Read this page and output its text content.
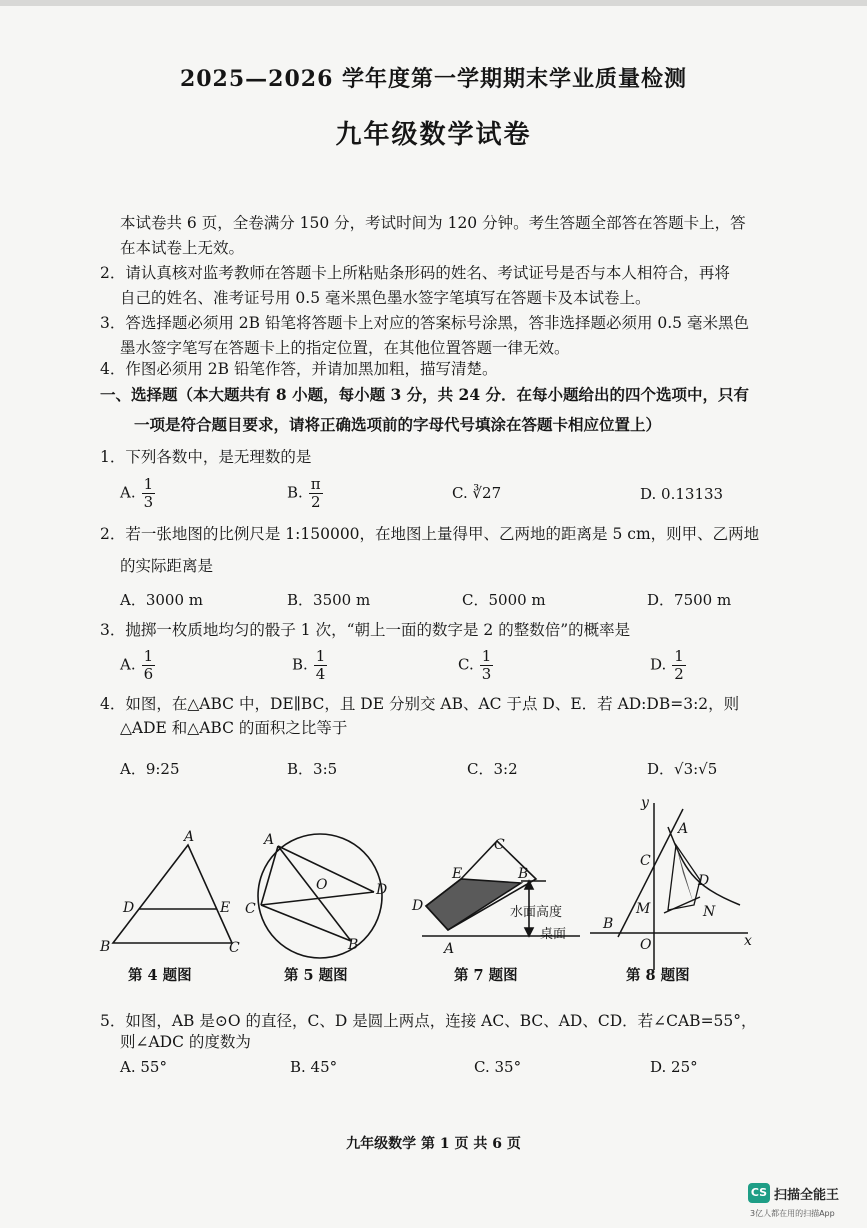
2025—2026 学年度第一学期期末学业质量检测
九年级数学试卷
本试卷共 6 页，全卷满分 150 分，考试时间为 120 分钟。考生答题全部答在答题卡上，答
在本试卷上无效。
2．请认真核对监考教师在答题卡上所粘贴条形码的姓名、考试证号是否与本人相符合，再将
自己的姓名、准考证号用 0.5 毫米黑色墨水签字笔填写在答题卡及本试卷上。
3．答选择题必须用 2B 铅笔将答题卡上对应的答案标号涂黑，答非选择题必须用 0.5 毫米黑色
墨水签字笔写在答题卡上的指定位置，在其他位置答题一律无效。
4．作图必须用 2B 铅笔作答，并请加黑加粗，描写清楚。
一、选择题（本大题共有 8 小题，每小题 3 分，共 24 分．在每小题给出的四个选项中，只有
一项是符合题目要求，请将正确选项前的字母代号填涂在答题卡相应位置上）
1．下列各数中，是无理数的是
A. $\frac{1}{3}$	B. $\frac{\pi}{2}$	C. ∛27	D. 0.13133
2．若一张地图的比例尺是 1:150000，在地图上量得甲、乙两地的距离是 5 cm，则甲、乙两地
的实际距离是
A．3000 m	B．3500 m	C．5000 m	D．7500 m
3．抛掷一枚质地均匀的骰子 1 次，“朝上一面的数字是 2 的整数倍”的概率是
A. $\frac{1}{6}$	B. $\frac{1}{4}$	C. $\frac{1}{3}$	D. $\frac{1}{2}$
4．如图，在△ABC 中，DE∥BC，且 DE 分别交 AB、AC 于点 D、E．若 AD:DB=3:2，则
△ADE 和△ABC 的面积之比等于
A．9:25	B．3:5	C．3:2	D．√3:√5
A
B	C
D	E
A
B
C
D
O
C
E	B
D
A
水面高度
桌面
y
x
A
B
C
D
M	N
O
第 4 题图	第 5 题图	第 7 题图	第 8 题图
5．如图，AB 是⊙O 的直径，C、D 是圆上两点，连接 AC、BC、AD、CD．若∠CAB=55°，
则∠ADC 的度数为
A. 55°	B. 45°	C. 35°	D. 25°
九年级数学 第 1 页 共 6 页
CS 扫描全能王
3亿人都在用的扫描App
